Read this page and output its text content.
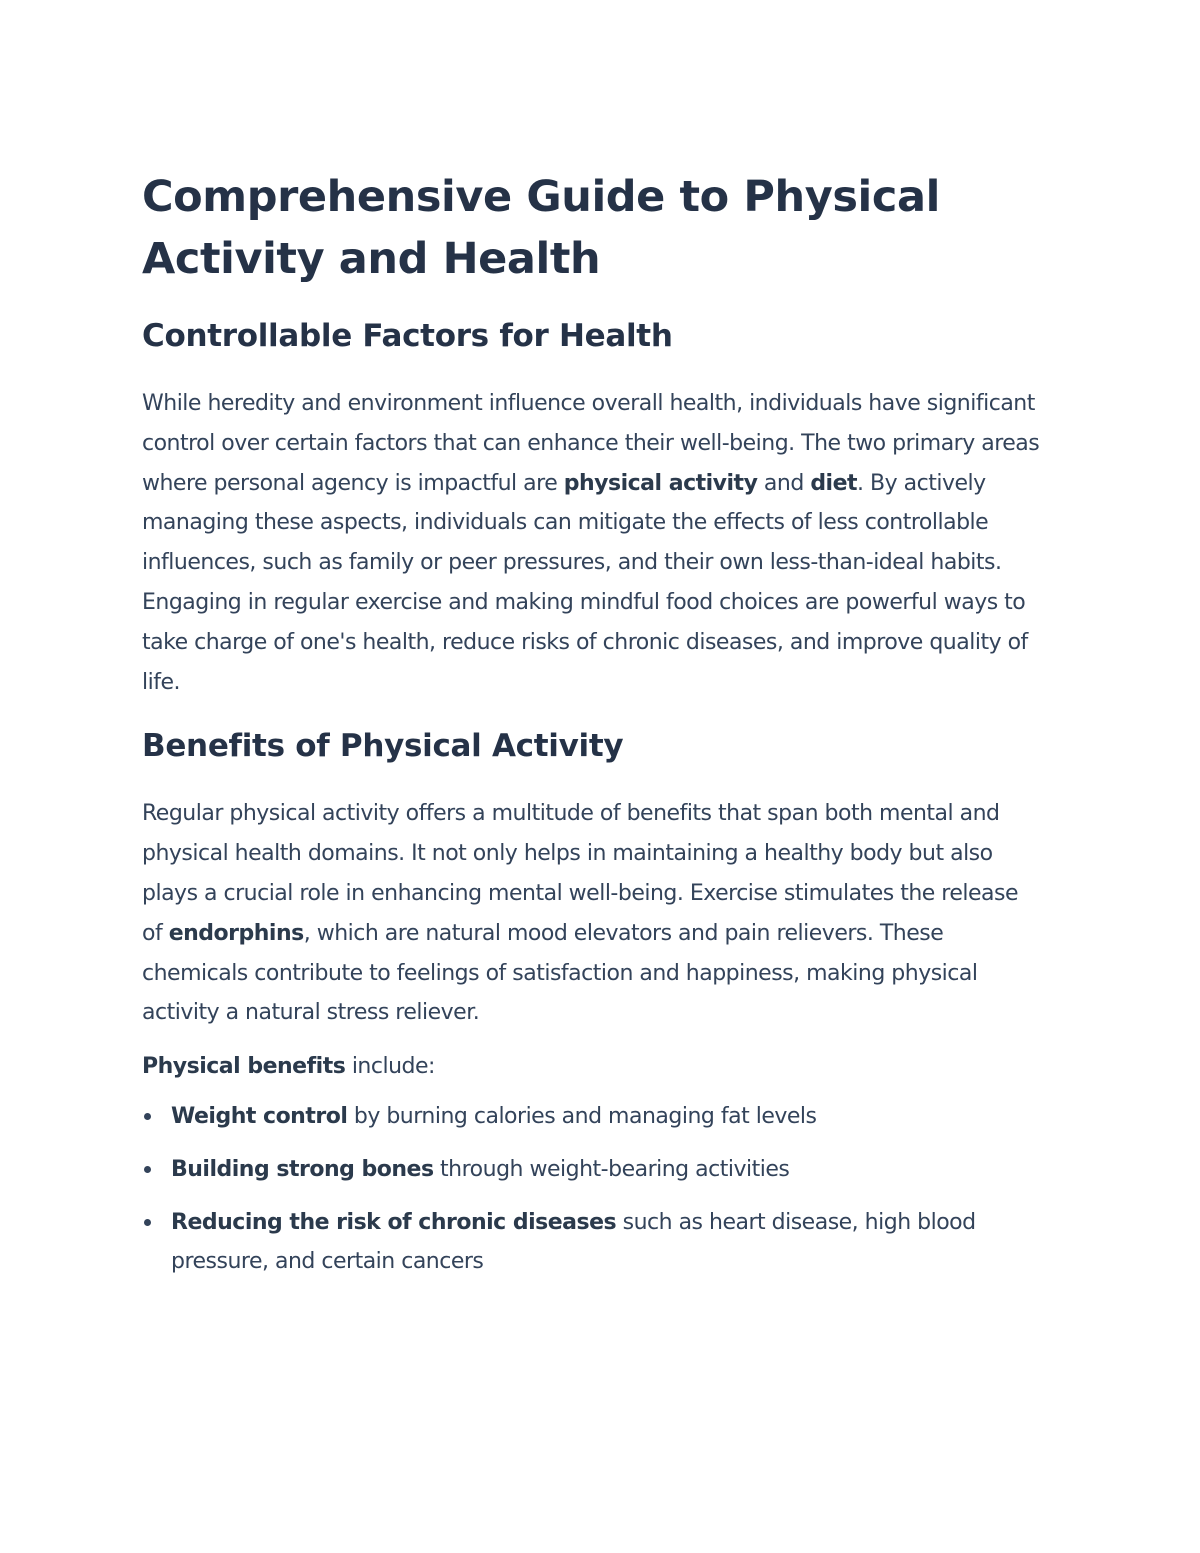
Comprehensive Guide to Physical Activity and Health
Controllable Factors for Health

While heredity and environment influence overall health, individuals have significant control over certain factors that can enhance their well-being. The two primary areas where personal agency is impactful are physical activity and diet. By actively managing these aspects, individuals can mitigate the effects of less controllable influences, such as family or peer pressures, and their own less-than-ideal habits. Engaging in regular exercise and making mindful food choices are powerful ways to take charge of one's health, reduce risks of chronic diseases, and improve quality of life.

Benefits of Physical Activity

Regular physical activity offers a multitude of benefits that span both mental and physical health domains. It not only helps in maintaining a healthy body but also plays a crucial role in enhancing mental well-being. Exercise stimulates the release of endorphins, which are natural mood elevators and pain relievers. These chemicals contribute to feelings of satisfaction and happiness, making physical activity a natural stress reliever.

Physical benefits include:

Weight control by burning calories and managing fat levels
Building strong bones through weight-bearing activities
Reducing the risk of chronic diseases such as heart disease, high blood pressure, and certain cancers
